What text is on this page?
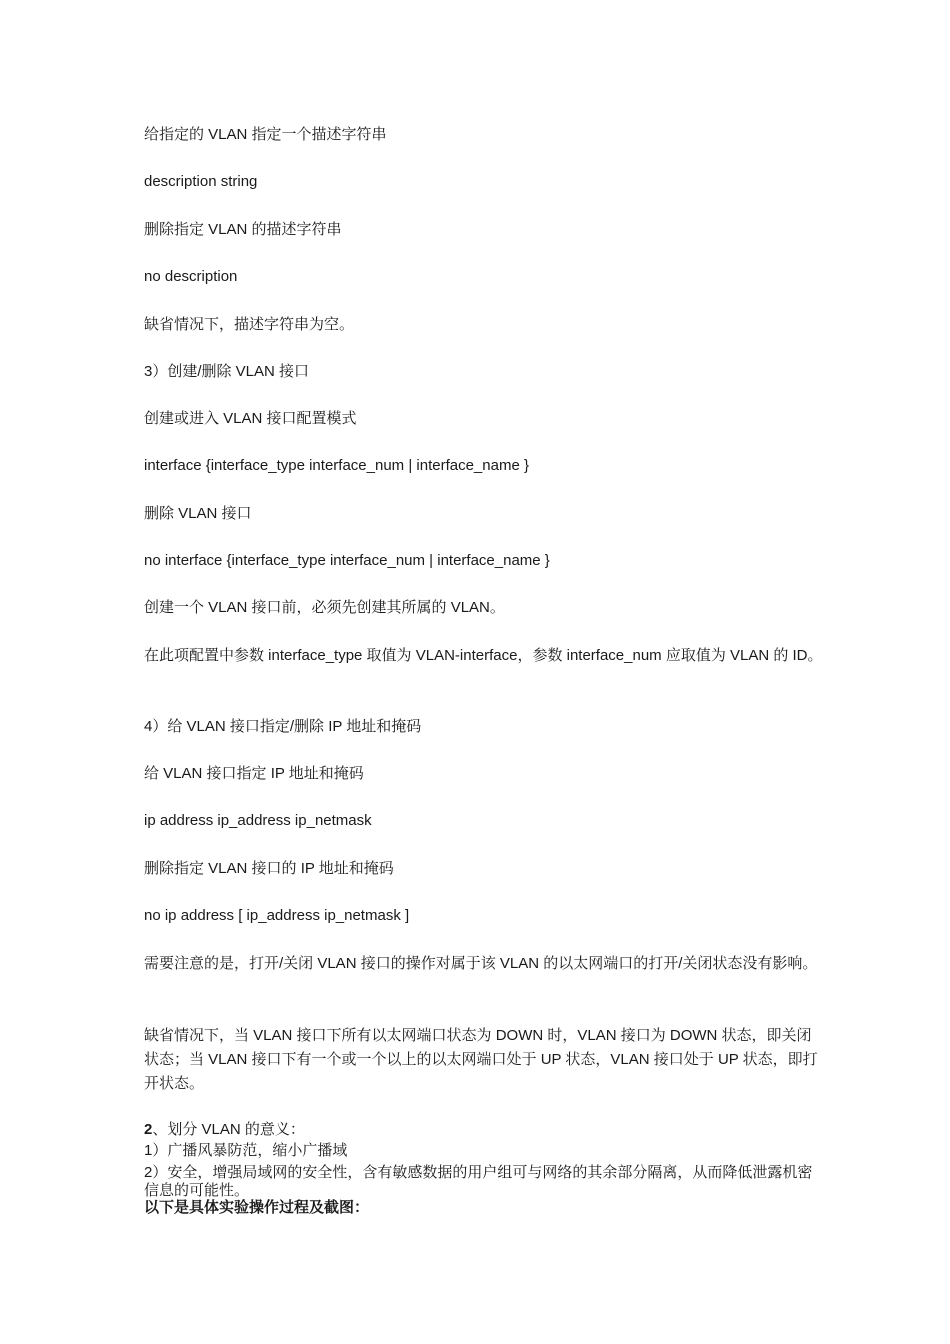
给指定的 VLAN 指定一个描述字符串

description string

删除指定 VLAN 的描述字符串

no description

缺省情况下，描述字符串为空。

3）创建/删除 VLAN 接口

创建或进入 VLAN 接口配置模式

interface {interface_type interface_num | interface_name }

删除 VLAN 接口

no interface {interface_type interface_num | interface_name }

创建一个 VLAN 接口前，必须先创建其所属的 VLAN。

在此项配置中参数 interface_type 取值为 VLAN-interface，参数 interface_num 应取值为 VLAN 的 ID。

4）给 VLAN 接口指定/删除 IP 地址和掩码

给 VLAN 接口指定 IP 地址和掩码

ip address ip_address ip_netmask

删除指定 VLAN 接口的 IP 地址和掩码

no ip address [ ip_address ip_netmask ]

需要注意的是，打开/关闭 VLAN 接口的操作对属于该 VLAN 的以太网端口的打开/关闭状态没有影响。

缺省情况下，当 VLAN 接口下所有以太网端口状态为 DOWN 时，VLAN 接口为 DOWN 状态，即关闭状态；当 VLAN 接口下有一个或一个以上的以太网端口处于 UP 状态，VLAN 接口处于 UP 状态，即打开状态。

2、划分 VLAN 的意义：

1）广播风暴防范，缩小广播域

2）安全，增强局域网的安全性，含有敏感数据的用户组可与网络的其余部分隔离，从而降低泄露机密信息的可能性。

以下是具体实验操作过程及截图：
